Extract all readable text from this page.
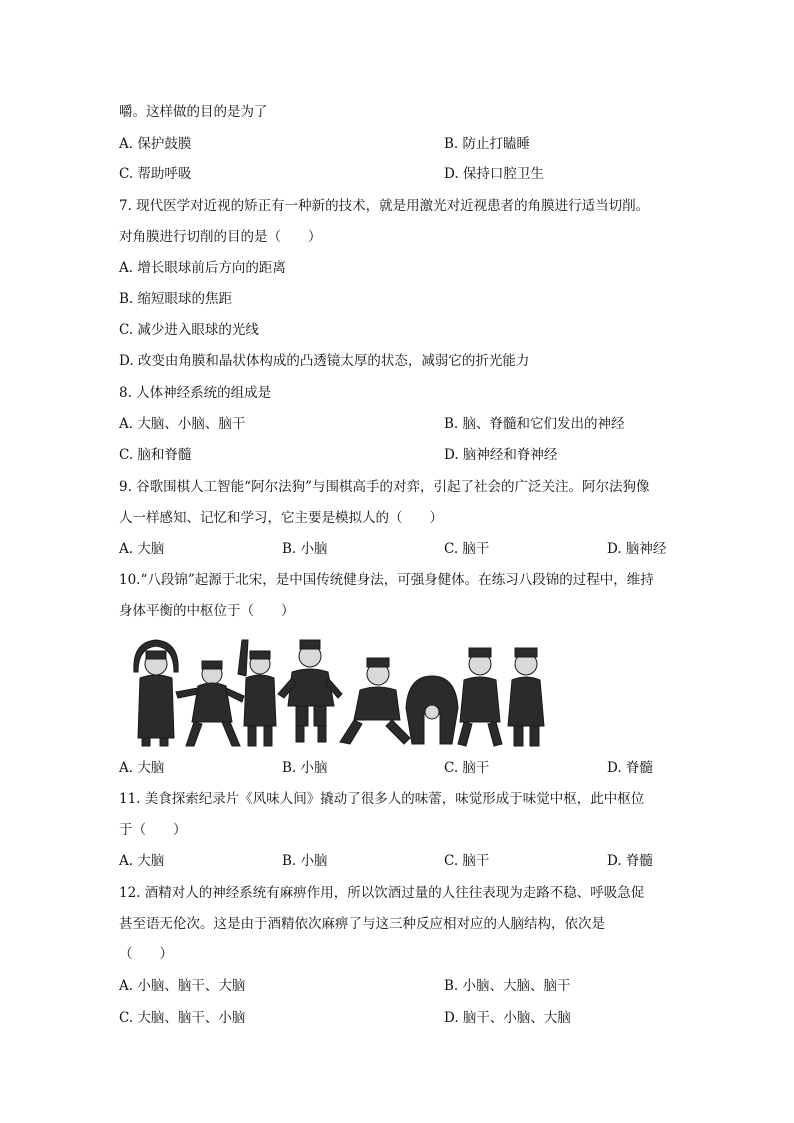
嚼。这样做的目的是为了
A. 保护鼓膜	B. 防止打瞌睡
C. 帮助呼吸	D. 保持口腔卫生
7. 现代医学对近视的矫正有一种新的技术，就是用激光对近视患者的角膜进行适当切削。
对角膜进行切削的目的是（　　）
A. 增长眼球前后方向的距离
B. 缩短眼球的焦距
C. 减少进入眼球的光线
D. 改变由角膜和晶状体构成的凸透镜太厚的状态，减弱它的折光能力
8. 人体神经系统的组成是
A. 大脑、小脑、脑干	B. 脑、脊髓和它们发出的神经
C. 脑和脊髓	D. 脑神经和脊神经
9. 谷歌围棋人工智能“阿尔法狗”与围棋高手的对弈，引起了社会的广泛关注。阿尔法狗像
人一样感知、记忆和学习，它主要是模拟人的（　　）
A. 大脑	B. 小脑	C. 脑干	D. 脑神经
10.“八段锦”起源于北宋，是中国传统健身法，可强身健体。在练习八段锦的过程中，维持
身体平衡的中枢位于（　　）
A. 大脑	B. 小脑	C. 脑干	D. 脊髓
11. 美食探索纪录片《风味人间》撬动了很多人的味蕾，味觉形成于味觉中枢，此中枢位
于（　　）
A. 大脑	B. 小脑	C. 脑干	D. 脊髓
12. 酒精对人的神经系统有麻痹作用，所以饮酒过量的人往往表现为走路不稳、呼吸急促
甚至语无伦次。这是由于酒精依次麻痹了与这三种反应相对应的人脑结构，依次是
（　　）
A. 小脑、脑干、大脑	B. 小脑、大脑、脑干
C. 大脑、脑干、小脑	D. 脑干、小脑、大脑
